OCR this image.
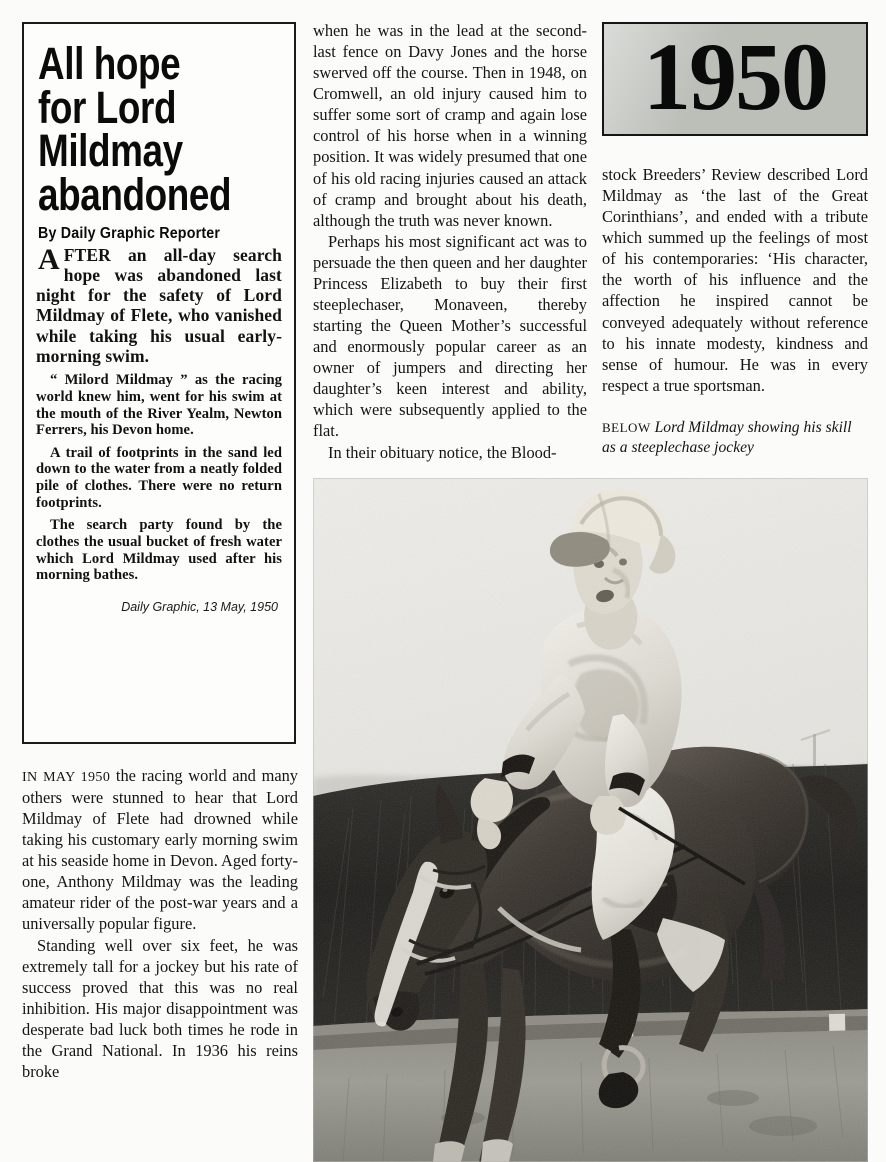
All hope
for Lord
Mildmay
abandoned
By Daily Graphic Reporter

AFTER an all-day search hope was abandoned last night for the safety of Lord Mildmay of Flete, who vanished while taking his usual early-morning swim.

“ Milord Mildmay ” as the racing world knew him, went for his swim at the mouth of the River Yealm, Newton Ferrers, his Devon home.

A trail of footprints in the sand led down to the water from a neatly folded pile of clothes. There were no return footprints.

The search party found by the clothes the usual bucket of fresh water which Lord Mildmay used after his morning bathes.

Daily Graphic, 13 May, 1950

IN MAY 1950 the racing world and many others were stunned to hear that Lord Mildmay of Flete had drowned while taking his customary early morning swim at his seaside home in Devon. Aged forty-one, Anthony Mildmay was the leading amateur rider of the post-war years and a universally popular figure.

Standing well over six feet, he was extremely tall for a jockey but his rate of success proved that this was no real inhibition. His major disappointment was desperate bad luck both times he rode in the Grand National. In 1936 his reins broke

when he was in the lead at the second-last fence on Davy Jones and the horse swerved off the course. Then in 1948, on Cromwell, an old injury caused him to suffer some sort of cramp and again lose control of his horse when in a winning position. It was widely presumed that one of his old racing injuries caused an attack of cramp and brought about his death, although the truth was never known.

Perhaps his most significant act was to persuade the then queen and her daughter Princess Elizabeth to buy their first steeplechaser, Monaveen, thereby starting the Queen Mother’s successful and enormously popular career as an owner of jumpers and directing her daughter’s keen interest and ability, which were subsequently applied to the flat.

In their obituary notice, the Blood-

1950

stock Breeders’ Review described Lord Mildmay as ‘the last of the Great Corinthians’, and ended with a tribute which summed up the feelings of most of his contemporaries: ‘His character, the worth of his influence and the affection he inspired cannot be conveyed adequately without reference to his innate modesty, kindness and sense of humour. He was in every respect a true sportsman.

BELOW Lord Mildmay showing his skill as a steeplechase jockey
